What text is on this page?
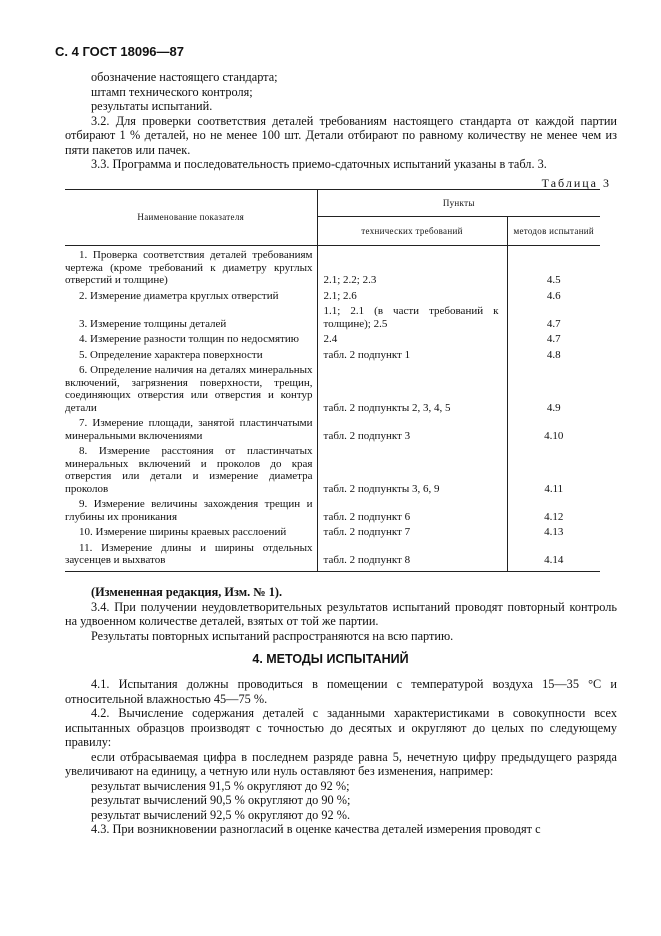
С. 4 ГОСТ 18096—87

обозначение настоящего стандарта;

штамп технического контроля;

результаты испытаний.

3.2. Для проверки соответствия деталей требованиям настоящего стандарта от каждой партии отбирают 1 % деталей, но не менее 100 шт. Детали отбирают по равному количеству не менее чем из пяти пакетов или пачек.

3.3. Программа и последовательность приемо-сдаточных испытаний указаны в табл. 3.

Таблица 3
Наименование показателя	Пункты	
	технических требований	методов испытаний
1. Проверка соответствия деталей требованиям чертежа (кроме требований к диаметру круглых отверстий и толщине)	2.1; 2.2; 2.3	4.5
2. Измерение диаметра круглых отверстий	2.1; 2.6	4.6
3. Измерение толщины деталей	1.1; 2.1 (в части требований к толщине); 2.5	4.7
4. Измерение разности толщин по недосмятию	2.4	4.7
5. Определение характера поверхности	табл. 2 подпункт 1	4.8
6. Определение наличия на деталях минеральных включений, загрязнения поверхности, трещин, соединяющих отверстия или отверстия и контур детали	табл. 2 подпункты 2, 3, 4, 5	4.9
7. Измерение площади, занятой пластинчатыми минеральными включениями	табл. 2 подпункт 3	4.10
8. Измерение расстояния от пластинчатых минеральных включений и проколов до края отверстия или детали и измерение диаметра проколов	табл. 2 подпункты 3, 6, 9	4.11
9. Измерение величины захождения трещин и глубины их проникания	табл. 2 подпункт 6	4.12
10. Измерение ширины краевых расслоений	табл. 2 подпункт 7	4.13
11. Измерение длины и ширины отдельных заусенцев и выхватов	табл. 2 подпункт 8	4.14

(Измененная редакция, Изм. № 1).

3.4. При получении неудовлетворительных результатов испытаний проводят повторный контроль на удвоенном количестве деталей, взятых от той же партии.

Результаты повторных испытаний распространяются на всю партию.

4. МЕТОДЫ ИСПЫТАНИЙ

4.1. Испытания должны проводиться в помещении с температурой воздуха 15—35 °С и относительной влажностью 45—75 %.

4.2. Вычисление содержания деталей с заданными характеристиками в совокупности всех испытанных образцов производят с точностью до десятых и округляют до целых по следующему правилу:

если отбрасываемая цифра в последнем разряде равна 5, нечетную цифру предыдущего разряда увеличивают на единицу, а четную или нуль оставляют без изменения, например:

результат вычисления 91,5 % округляют до 92 %;

результат вычислений 90,5 % округляют до 90 %;

результат вычислений 92,5 % округляют до 92 %.

4.3. При возникновении разногласий в оценке качества деталей измерения проводят с
